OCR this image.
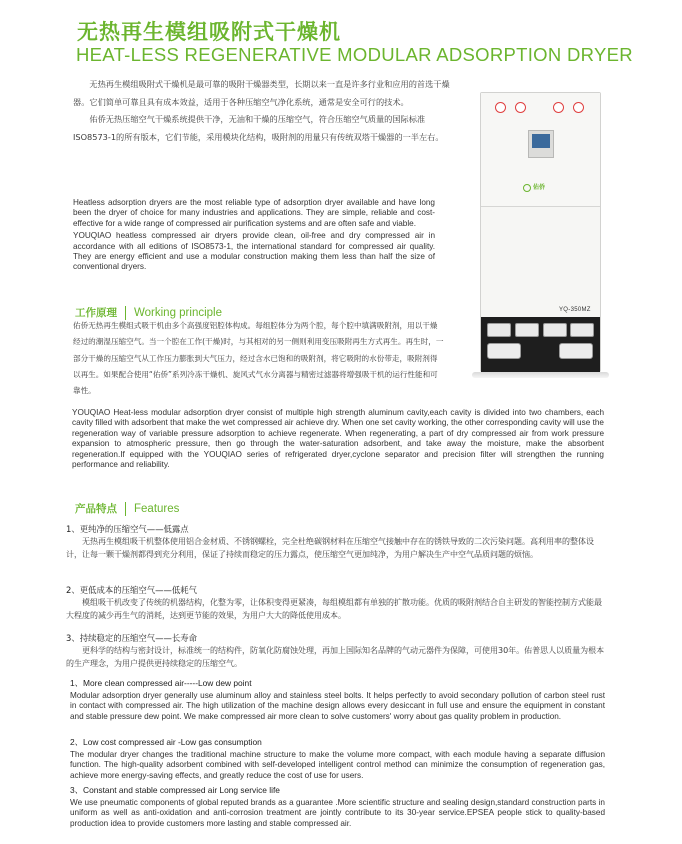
无热再生模组吸附式干燥机
HEAT-LESS REGENERATIVE MODULAR ADSORPTION DRYER

无热再生模组吸附式干燥机是最可靠的吸附干燥器类型，长期以来一直是许多行业和应用的首选干燥器。它们简单可靠且具有成本效益，适用于各种压缩空气净化系统，通常是安全可行的技术。

佑侨无热压缩空气干燥系统提供干净，无油和干燥的压缩空气，符合压缩空气质量的国际标准ISO8573-1的所有版本，它们节能，采用模块化结构，吸附剂的用量只有传统双塔干燥器的一半左右。

Heatless adsorption dryers are the most reliable type of adsorption dryer available and have long been the dryer of choice for many industries and applications. They are simple, reliable and cost-effective for a wide range of compressed air purification systems and are often safe and viable.

YOUQIAO heatless compressed air dryers provide clean, oil-free and dry compressed air in accordance with all editions of ISO8573-1, the international standard for compressed air quality. They are energy efficient and use a modular construction making them less than half the size of conventional dryers.

佑侨
YQ-350MZ
工作原理 Working principle

佑侨无热再生模组式吸干机由多个高强度铝腔体构成。每组腔体分为两个腔，每个腔中填满吸附剂，用以干燥经过的潮湿压缩空气。当一个腔在工作(干燥)时，与其相对的另一侧则利用变压吸附再生方式再生。再生时，一部分干燥的压缩空气从工作压力膨胀到大气压力，经过含水已饱和的吸附剂，将它吸附的水份带走，吸附剂得以再生。如果配合使用“佑侨”系列冷冻干燥机、旋风式气水分离器与精密过滤器将增强吸干机的运行性能和可靠性。

YOUQIAO Heat-less modular adsorption dryer consist of multiple high strength aluminum cavity,each cavity is divided into two chambers, each cavity filled with adsorbent that make the wet compressed air achieve dry. When one set cavity working, the other corresponding cavity will use the regeneration way of variable pressure adsorption to achieve regenerate. When regenerating, a part of dry compressed air from work pressure expansion to atmospheric pressure, then go through the water-saturation adsorbent, and take away the moisture, make the absorbent regeneration.If equipped with the YOUQIAO series of refrigerated dryer,cyclone separator and precision filter will strengthen the running performance and reliability.

产品特点 Features
1、更纯净的压缩空气——低露点
无热再生模组吸干机整体使用铝合金材质、不锈钢螺栓，完全杜绝碳钢材料在压缩空气接触中存在的锈铁导致的二次污染问题。高利用率的整体设计，让每一颗干燥剂都得到充分利用，保证了持续而稳定的压力露点，使压缩空气更加纯净，为用户解决生产中空气品质问题的烦恼。
2、更低成本的压缩空气——低耗气
模组吸干机改变了传统的机器结构，化整为零，让体积变得更紧凑，每组模组都有单独的扩散功能。优质的吸附剂结合自主研发的智能控制方式能最大程度的减少再生气的消耗，达到更节能的效果，为用户大大的降低使用成本。
3、持续稳定的压缩空气——长寿命
更科学的结构与密封设计，标准统一的结构件，防氧化防腐蚀处理，再加上国际知名品牌的气动元器件为保障，可使用30年。佑普思人以质量为根本的生产理念，为用户提供更持续稳定的压缩空气。
1、More clean compressed air-----Low dew point

Modular adsorption dryer generally use aluminum alloy and stainless steel bolts. It helps perfectly to avoid secondary pollution of carbon steel rust in contact with compressed air. The high utilization of the machine design allows every desiccant in full use and ensure the equipment in constant and stable pressure dew point. We make compressed air more clean to solve customers' worry about gas quality problem in production.

2、Low cost compressed air -Low gas consumption

The modular dryer changes the traditional machine structure to make the volume more compact, with each module having a separate diffusion function. The high-quality adsorbent combined with self-developed intelligent control method can minimize the consumption of regeneration gas, achieve more energy-saving effects, and greatly reduce the cost of use for users.

3、Constant and stable compressed air Long service life

We use pneumatic components of global reputed brands as a guarantee .More scientific structure and sealing design,standard construction parts in uniform as well as anti-oxidation and anti-corrosion treatment are jointly contribute to its 30-year service.EPSEA people stick to quality-based production idea to provide customers more lasting and stable compressed air.
